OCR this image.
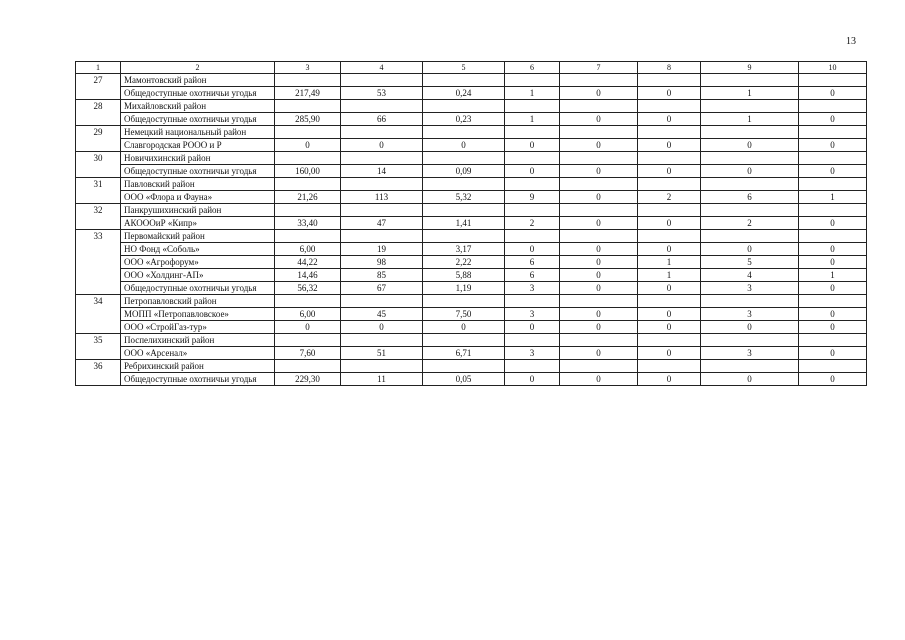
13
1	2	3	4	5	6	7	8	9	10
27	Мамонтовский район								
	Общедоступные охотничьи угодья	217,49	53	0,24	1	0	0	1	0
28	Михайловский район								
	Общедоступные охотничьи угодья	285,90	66	0,23	1	0	0	1	0
29	Немецкий национальный район								
	Славгородская РООО и Р	0	0	0	0	0	0	0	0
30	Новичихинский район								
	Общедоступные охотничьи угодья	160,00	14	0,09	0	0	0	0	0
31	Павловский район								
	ООО «Флора и Фауна»	21,26	113	5,32	9	0	2	6	1
32	Панкрушихинский район								
	АКОООиР «Кипр»	33,40	47	1,41	2	0	0	2	0
33	Первомайский район								
	НО Фонд «Соболь»	6,00	19	3,17	0	0	0	0	0
	ООО «Агрофорум»	44,22	98	2,22	6	0	1	5	0
	ООО «Холдинг-АП»	14,46	85	5,88	6	0	1	4	1
	Общедоступные охотничьи угодья	56,32	67	1,19	3	0	0	3	0
34	Петропавловский район								
	МОПП «Петропавловское»	6,00	45	7,50	3	0	0	3	0
	ООО «СтройГаз-тур»	0	0	0	0	0	0	0	0
35	Поспелихинский район								
	ООО «Арсенал»	7,60	51	6,71	3	0	0	3	0
36	Ребрихинский район								
	Общедоступные охотничьи угодья	229,30	11	0,05	0	0	0	0	0
